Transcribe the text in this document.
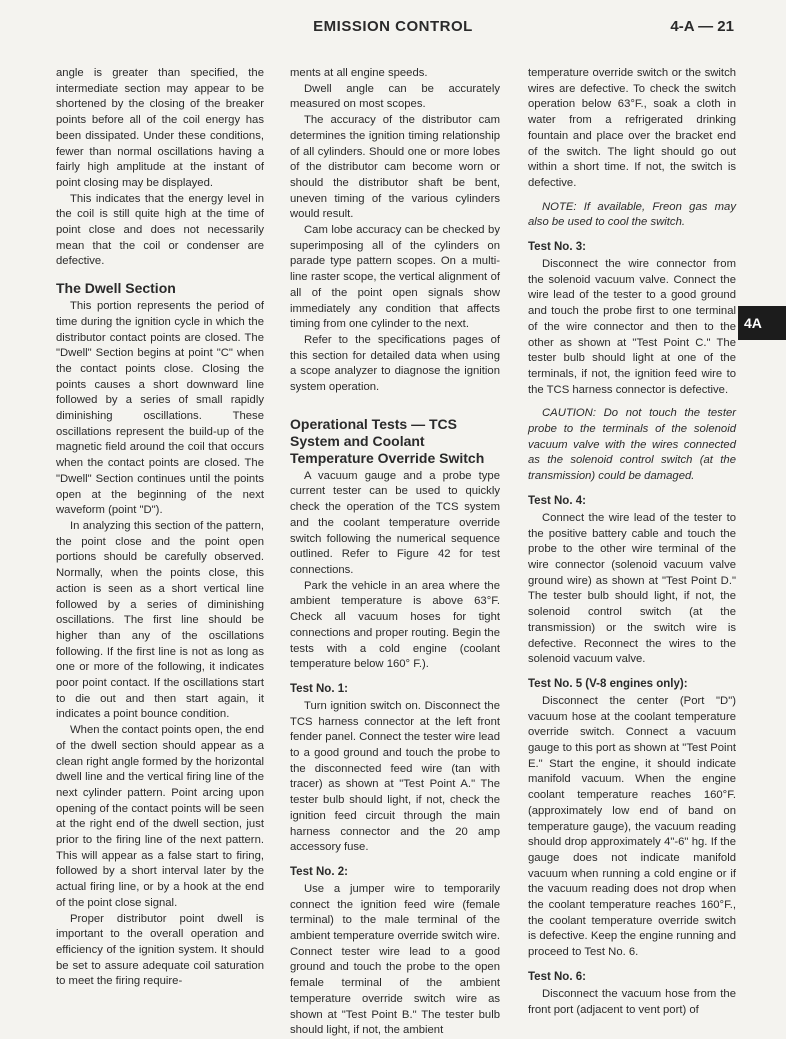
EMISSION CONTROL	4-A — 21
4A

angle is greater than specified, the intermediate section may appear to be shortened by the closing of the breaker points before all of the coil energy has been dissipated. Under these conditions, fewer than normal oscillations having a fairly high amplitude at the instant of point closing may be displayed.

This indicates that the energy level in the coil is still quite high at the time of point close and does not necessarily mean that the coil or condenser are defective.

The Dwell Section

This portion represents the period of time during the ignition cycle in which the distributor contact points are closed. The "Dwell" Section begins at point "C" when the contact points close. Closing the points causes a short downward line followed by a series of small rapidly diminishing oscillations. These oscillations represent the build-up of the magnetic field around the coil that occurs when the contact points are closed. The "Dwell" Section continues until the points open at the beginning of the next waveform (point "D").

In analyzing this section of the pattern, the point close and the point open portions should be carefully observed. Normally, when the points close, this action is seen as a short vertical line followed by a series of diminishing oscillations. The first line should be higher than any of the oscillations following. If the first line is not as long as one or more of the following, it indicates poor point contact. If the oscillations start to die out and then start again, it indicates a point bounce condition.

When the contact points open, the end of the dwell section should appear as a clean right angle formed by the horizontal dwell line and the vertical firing line of the next cylinder pattern. Point arcing upon opening of the contact points will be seen at the right end of the dwell section, just prior to the firing line of the next pattern. This will appear as a false start to firing, followed by a short interval later by the actual firing line, or by a hook at the end of the point close signal.

Proper distributor point dwell is important to the overall operation and efficiency of the ignition system. It should be set to assure adequate coil saturation to meet the firing require-

ments at all engine speeds.

Dwell angle can be accurately measured on most scopes.

The accuracy of the distributor cam determines the ignition timing relationship of all cylinders. Should one or more lobes of the distributor cam become worn or should the distributor shaft be bent, uneven timing of the various cylinders would result.

Cam lobe accuracy can be checked by superimposing all of the cylinders on parade type pattern scopes. On a multi-line raster scope, the vertical alignment of all of the point open signals show immediately any condition that affects timing from one cylinder to the next.

Refer to the specifications pages of this section for detailed data when using a scope analyzer to diagnose the ignition system operation.

Operational Tests — TCS System and Coolant Temperature Override Switch

A vacuum gauge and a probe type current tester can be used to quickly check the operation of the TCS system and the coolant temperature override switch following the numerical sequence outlined. Refer to Figure 42 for test connections.

Park the vehicle in an area where the ambient temperature is above 63°F. Check all vacuum hoses for tight connections and proper routing. Begin the tests with a cold engine (coolant temperature below 160° F.).

Test No. 1:

Turn ignition switch on. Disconnect the TCS harness connector at the left front fender panel. Connect the tester wire lead to a good ground and touch the probe to the disconnected feed wire (tan with tracer) as shown at "Test Point A." The tester bulb should light, if not, check the ignition feed circuit through the main harness connector and the 20 amp accessory fuse.

Test No. 2:

Use a jumper wire to temporarily connect the ignition feed wire (female terminal) to the male terminal of the ambient temperature override switch wire. Connect tester wire lead to a good ground and touch the probe to the open female terminal of the ambient temperature override switch wire as shown at "Test Point B." The tester bulb should light, if not, the ambient

temperature override switch or the switch wires are defective. To check the switch operation below 63°F., soak a cloth in water from a refrigerated drinking fountain and place over the bracket end of the switch. The light should go out within a short time. If not, the switch is defective.

NOTE: If available, Freon gas may also be used to cool the switch.

Test No. 3:

Disconnect the wire connector from the solenoid vacuum valve. Connect the wire lead of the tester to a good ground and touch the probe first to one terminal of the wire connector and then to the other as shown at "Test Point C." The tester bulb should light at one of the terminals, if not, the ignition feed wire to the TCS harness connector is defective.

CAUTION: Do not touch the tester probe to the terminals of the solenoid vacuum valve with the wires connected as the solenoid control switch (at the transmission) could be damaged.

Test No. 4:

Connect the wire lead of the tester to the positive battery cable and touch the probe to the other wire terminal of the wire connector (solenoid vacuum valve ground wire) as shown at "Test Point D." The tester bulb should light, if not, the solenoid control switch (at the transmission) or the switch wire is defective. Reconnect the wires to the solenoid vacuum valve.

Test No. 5 (V-8 engines only):

Disconnect the center (Port "D") vacuum hose at the coolant temperature override switch. Connect a vacuum gauge to this port as shown at "Test Point E." Start the engine, it should indicate manifold vacuum. When the engine coolant temperature reaches 160°F. (approximately low end of band on temperature gauge), the vacuum reading should drop approximately 4"-6" hg. If the gauge does not indicate manifold vacuum when running a cold engine or if the vacuum reading does not drop when the coolant temperature reaches 160°F., the coolant temperature override switch is defective. Keep the engine running and proceed to Test No. 6.

Test No. 6:

Disconnect the vacuum hose from the front port (adjacent to vent port) of
